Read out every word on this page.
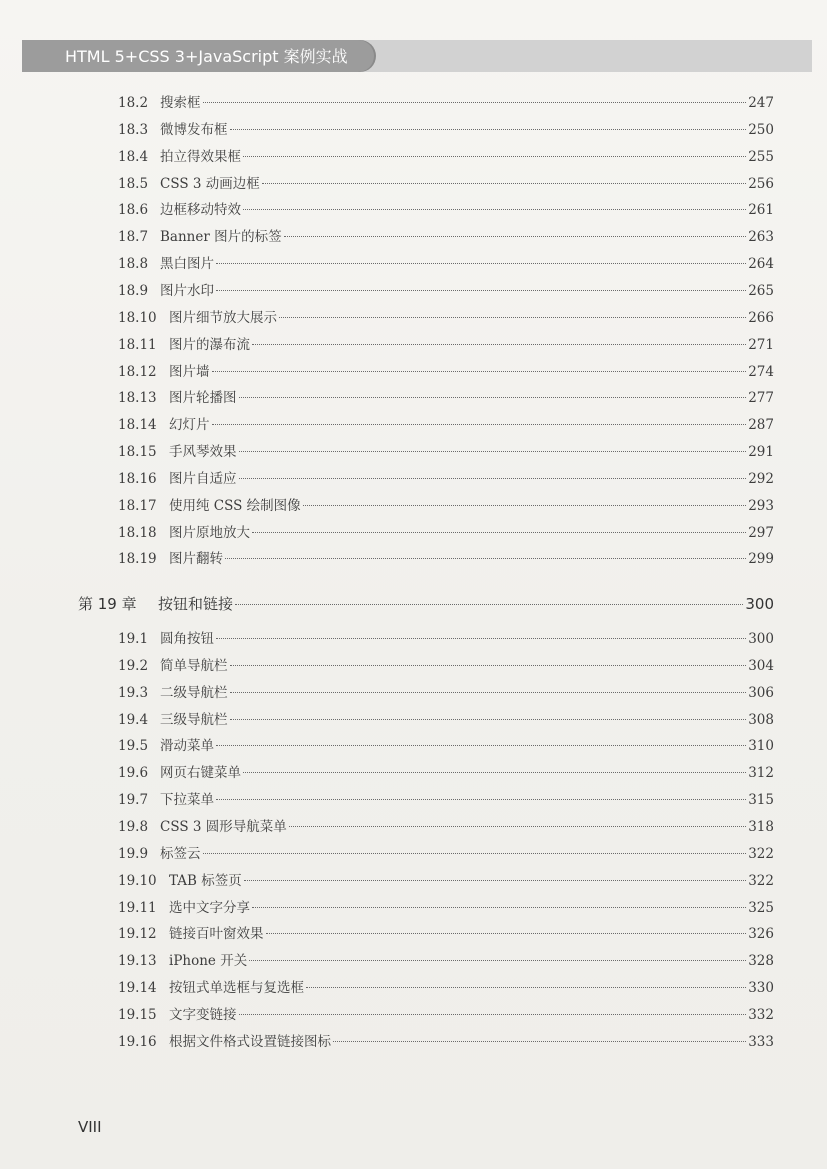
HTML 5+CSS 3+JavaScript 案例实战
18.2 搜索框	247
18.3 微博发布框	250
18.4 拍立得效果框	255
18.5 CSS 3 动画边框	256
18.6 边框移动特效	261
18.7 Banner 图片的标签	263
18.8 黑白图片	264
18.9 图片水印	265
18.10 图片细节放大展示	266
18.11 图片的瀑布流	271
18.12 图片墙	274
18.13 图片轮播图	277
18.14 幻灯片	287
18.15 手风琴效果	291
18.16 图片自适应	292
18.17 使用纯 CSS 绘制图像	293
18.18 图片原地放大	297
18.19 图片翻转	299
第 19 章	按钮和链接	300
19.1 圆角按钮	300
19.2 简单导航栏	304
19.3 二级导航栏	306
19.4 三级导航栏	308
19.5 滑动菜单	310
19.6 网页右键菜单	312
19.7 下拉菜单	315
19.8 CSS 3 圆形导航菜单	318
19.9 标签云	322
19.10 TAB 标签页	322
19.11 选中文字分享	325
19.12 链接百叶窗效果	326
19.13 iPhone 开关	328
19.14 按钮式单选框与复选框	330
19.15 文字变链接	332
19.16 根据文件格式设置链接图标	333
VIII
